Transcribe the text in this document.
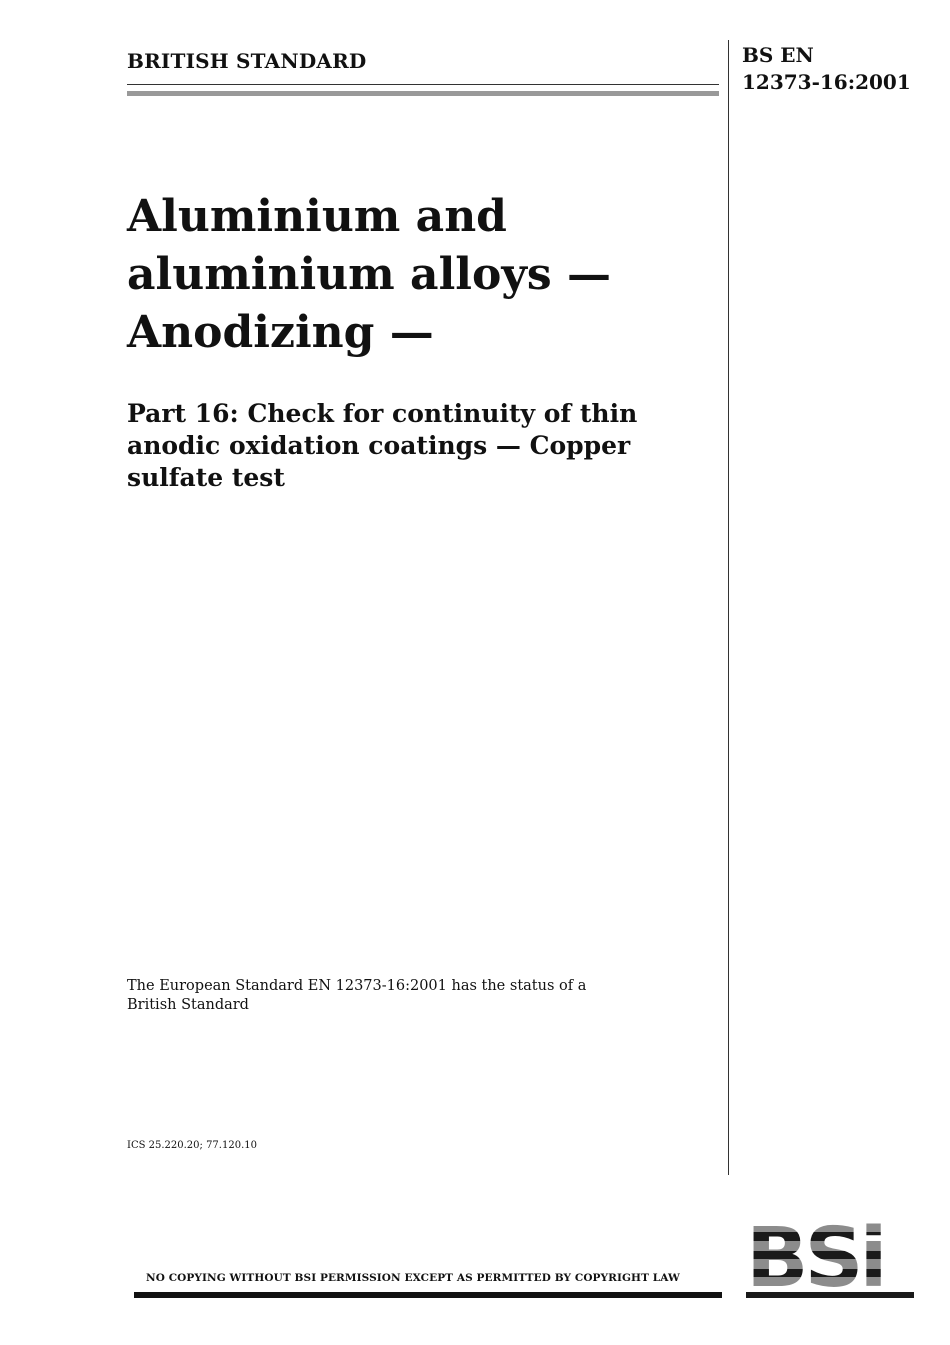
BRITISH STANDARD	BS EN
12373-16:2001
Aluminium and
aluminium alloys —
Anodizing —
Part 16: Check for continuity of thin
anodic oxidation coatings — Copper
sulfate test
The European Standard EN 12373-16:2001 has the status of a
British Standard
ICS 25.220.20; 77.120.10
NO COPYING WITHOUT BSI PERMISSION EXCEPT AS PERMITTED BY COPYRIGHT LAW
